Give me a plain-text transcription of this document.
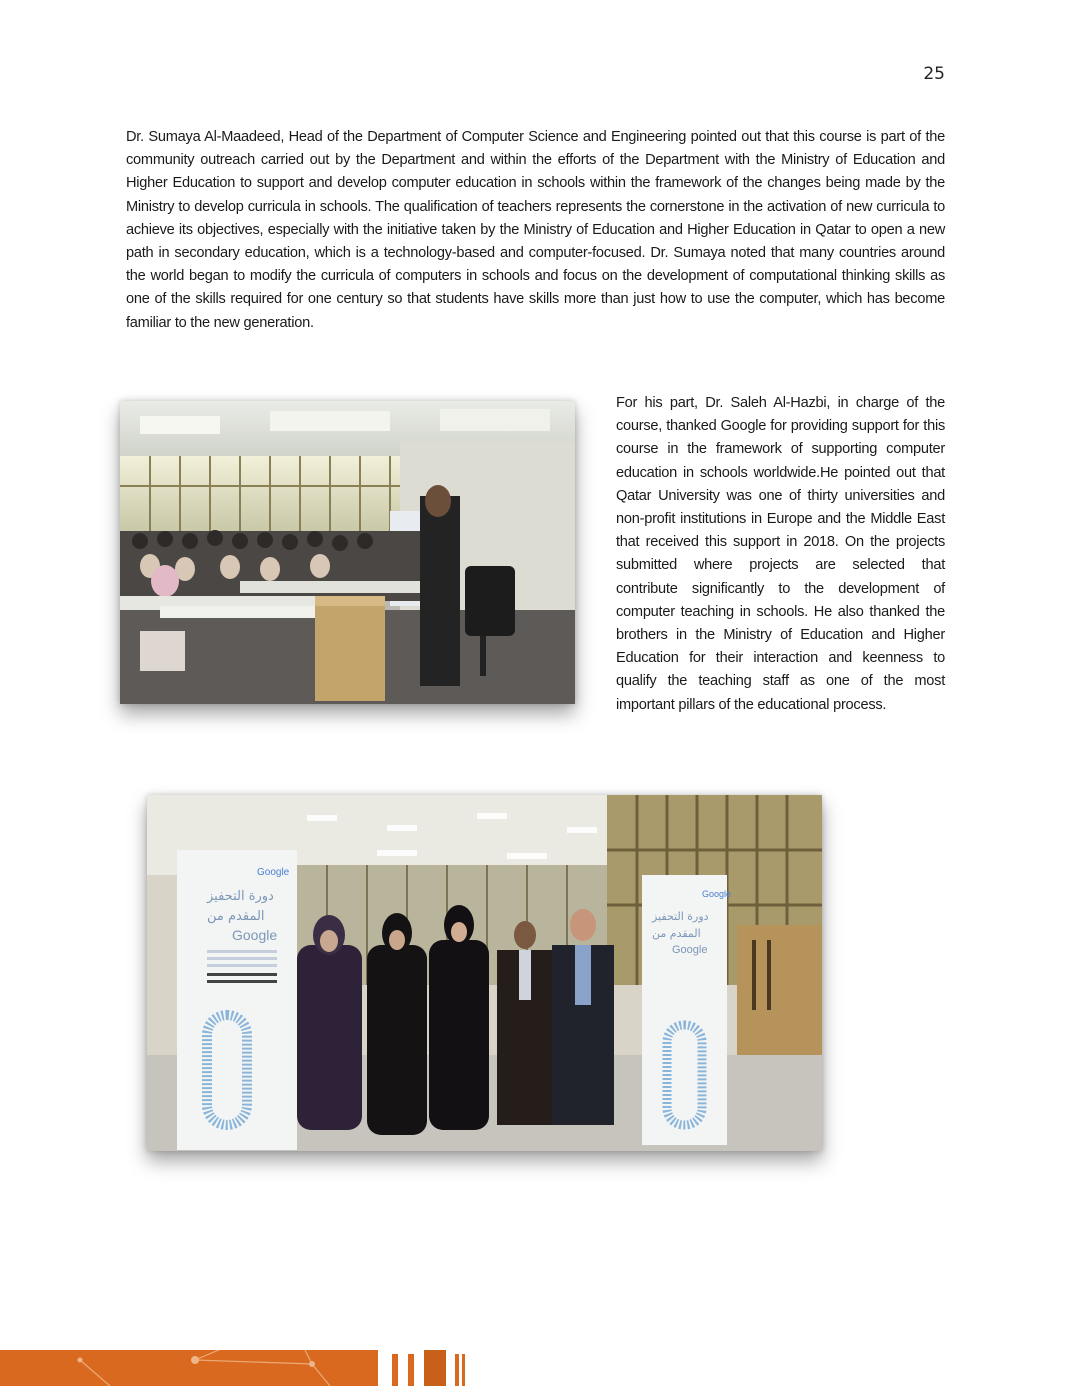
25

Dr. Sumaya Al-Maadeed, Head of the Department of Computer Science and Engineering pointed out that this course is part of the community outreach carried out by the Department and within the efforts of the Department with the Ministry of Education and Higher Education to support and develop computer education in schools within the framework of the changes being made by the Ministry to develop curricula in schools. The qualification of teachers represents the cornerstone in the activation of new curricula to achieve its objectives, especially with the initiative taken by the Ministry of Education and Higher Education in Qatar to open a new path in secondary education, which is a technology-based and computer-focused. Dr. Sumaya noted that many countries around the world began to modify the curricula of computers in schools and focus on the development of computational thinking skills as one of the skills required for one century so that students have skills more than just how to use the computer, which has become familiar to the new generation.

For his part, Dr. Saleh Al-Hazbi, in charge of the course, thanked Google for providing support for this course in the framework of supporting computer education in schools worldwide.He pointed out that Qatar University was one of thirty universities and non-profit institutions in Europe and the Middle East that received this support in 2018. On the projects submitted where projects are selected that contribute significantly to the development of computer teaching in schools. He also thanked the brothers in the Ministry of Education and Higher Education for their interaction and keenness to qualify the teaching staff as one of the most important pillars of the educational process.

Google
دورة التحفيز
المقدم من
Google
Google
دورة التحفيز
المقدم من
Google
